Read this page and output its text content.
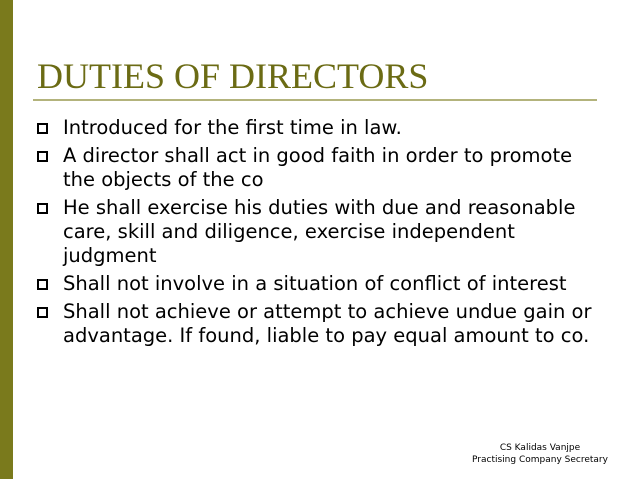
DUTIES OF DIRECTORS
Introduced for the first time in law.
A director shall act in good faith in order to promote the objects of the co
He shall exercise his duties with due and reasonable care, skill and diligence, exercise independent judgment
Shall not involve in a situation of conflict of interest
Shall not achieve or attempt to achieve undue gain or advantage. If found, liable to pay equal amount to co.
CS Kalidas Vanjpe
Practising Company Secretary
